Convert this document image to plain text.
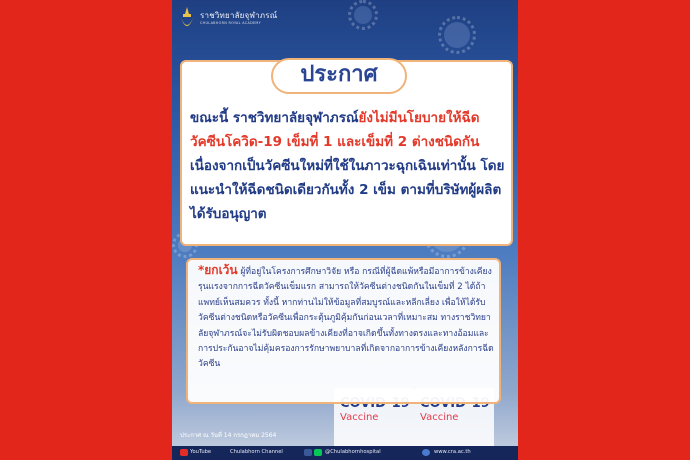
ราชวิทยาลัยจุฬาภรณ์
CHULABHORN ROYAL ACADEMY
ประกาศ

ขณะนี้ ราชวิทยาลัยจุฬาภรณ์ยังไม่มีนโยบายให้ฉีดวัคซีนโควิด-19 เข็มที่ 1 และเข็มที่ 2 ต่างชนิดกัน

เนื่องจากเป็นวัคซีนใหม่ที่ใช้ในภาวะฉุกเฉินเท่านั้น โดยแนะนำให้ฉีดชนิดเดียวกันทั้ง 2 เข็ม ตามที่บริษัทผู้ผลิตได้รับอนุญาต

Vaccine	Vaccine
*ยกเว้น ผู้ที่อยู่ในโครงการศึกษาวิจัย หรือ กรณีที่ผู้ฉีดแพ้หรือมีอาการข้างเคียงรุนแรงจากการฉีดวัคซีนเข็มแรก สามารถให้วัคซีนต่างชนิดกันในเข็มที่ 2 ได้ถ้าแพทย์เห็นสมควร ทั้งนี้ หากท่านไม่ให้ข้อมูลที่สมบูรณ์และหลีกเลี่ยง เพื่อให้ได้รับวัคซีนต่างชนิดหรือวัคซีนเพื่อกระตุ้นภูมิคุ้มกันก่อนเวลาที่เหมาะสม ทางราชวิทยาลัยจุฬาภรณ์จะไม่รับผิดชอบผลข้างเคียงที่อาจเกิดขึ้นทั้งทางตรงและทางอ้อมและการประกันอาจไม่คุ้มครองการรักษาพยาบาลที่เกิดจากอาการข้างเคียงหลังการฉีดวัคซีน
ประกาศ ณ วันที่ 14 กรกฎาคม 2564
YouTube	Chulabhorn Channel	@Chulabhornhospital	www.cra.ac.th
